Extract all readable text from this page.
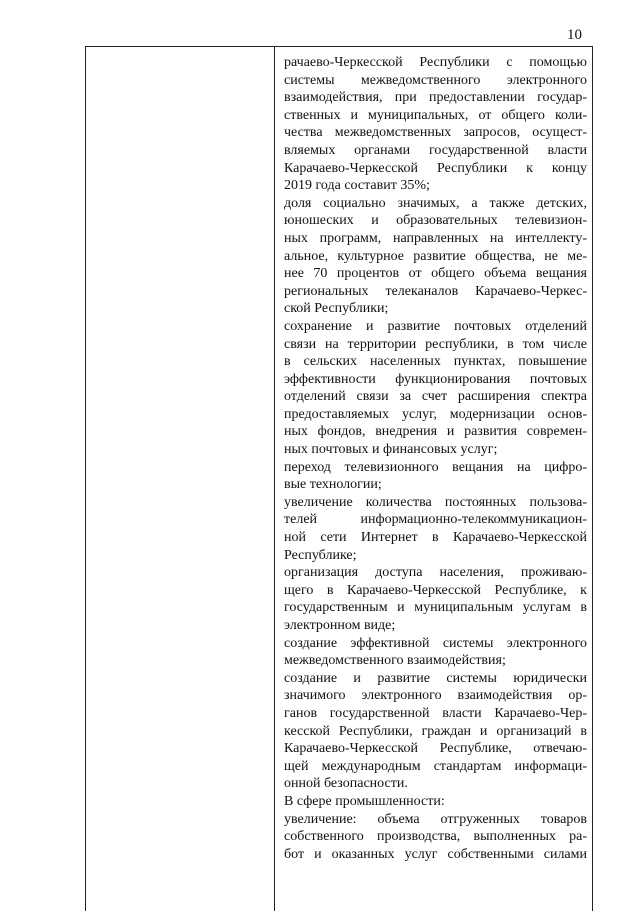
10

рачаево-Черкесской Республики с помощью
системы межведомственного электронного
взаимодействия, при предоставлении государ-
ственных и муниципальных, от общего коли-
чества межведомственных запросов, осущест-
вляемых органами государственной власти
Карачаево-Черкесской Республики к концу
2019 года составит 35%;

доля социально значимых, а также детских,
юношеских и образовательных телевизион-
ных программ, направленных на интеллекту-
альное, культурное развитие общества, не ме-
нее 70 процентов от общего объема вещания
региональных телеканалов Карачаево-Черкес-
ской Республики;

сохранение и развитие почтовых отделений
связи на территории республики, в том числе
в сельских населенных пунктах, повышение
эффективности функционирования почтовых
отделений связи за счет расширения спектра
предоставляемых услуг, модернизации основ-
ных фондов, внедрения и развития современ-
ных почтовых и финансовых услуг;

переход телевизионного вещания на цифро-
вые технологии;

увеличение количества постоянных пользова-
телей информационно-телекоммуникацион-
ной сети Интернет в Карачаево-Черкесской
Республике;

организация доступа населения, проживаю-
щего в Карачаево-Черкесской Республике, к
государственным и муниципальным услугам в
электронном виде;

создание эффективной системы электронного
межведомственного взаимодействия;

создание и развитие системы юридически
значимого электронного взаимодействия ор-
ганов государственной власти Карачаево-Чер-
кесской Республики, граждан и организаций в
Карачаево-Черкесской Республике, отвечаю-
щей международным стандартам информаци-
онной безопасности.

В сфере промышленности:

увеличение: объема отгруженных товаров
собственного производства, выполненных ра-
бот и оказанных услуг собственными силами
